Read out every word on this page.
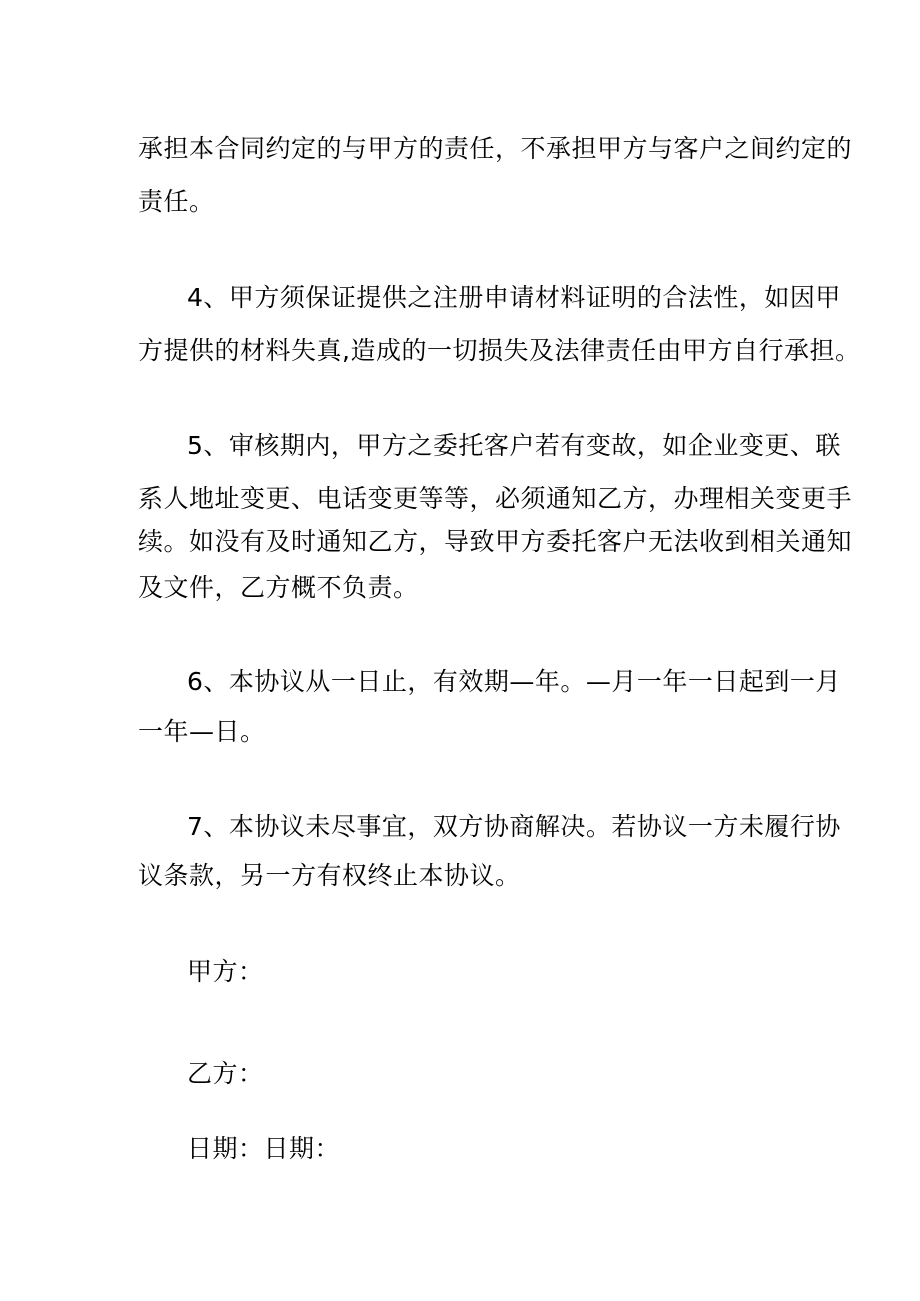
承担本合同约定的与甲方的责任，不承担甲方与客户之间约定的

责任。

4、甲方须保证提供之注册申请材料证明的合法性，如因甲

方提供的材料失真,造成的一切损失及法律责任由甲方自行承担。

5、审核期内，甲方之委托客户若有变故，如企业变更、联

系人地址变更、电话变更等等，必须通知乙方，办理相关变更手

续。如没有及时通知乙方，导致甲方委托客户无法收到相关通知

及文件，乙方概不负责。

6、本协议从一日止，有效期—年。—月一年一日起到一月

一年—日。

7、本协议未尽事宜，双方协商解决。若协议一方未履行协

议条款，另一方有权终止本协议。

甲方：

乙方：

日期：日期：
